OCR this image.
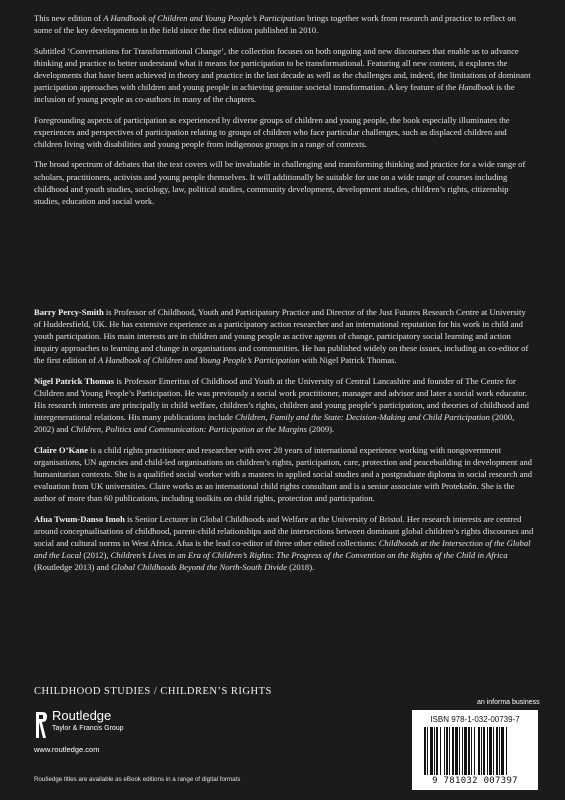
This new edition of A Handbook of Children and Young People’s Participation brings together work from research and practice to reflect on some of the key developments in the field since the first edition published in 2010.

Subtitled ‘Conversations for Transformational Change’, the collection focuses on both ongoing and new discourses that enable us to advance thinking and practice to better understand what it means for participation to be transformational. Featuring all new content, it explores the developments that have been achieved in theory and practice in the last decade as well as the challenges and, indeed, the limitations of dominant participation approaches with children and young people in achieving genuine societal transformation. A key feature of the Handbook is the inclusion of young people as co-authors in many of the chapters.

Foregrounding aspects of participation as experienced by diverse groups of children and young people, the book especially illuminates the experiences and perspectives of participation relating to groups of children who face particular challenges, such as displaced children and children living with disabilities and young people from indigenous groups in a range of contexts.

The broad spectrum of debates that the text covers will be invaluable in challenging and transforming thinking and practice for a wide range of scholars, practitioners, activists and young people themselves. It will additionally be suitable for use on a wide range of courses including childhood and youth studies, sociology, law, political studies, community development, development studies, children’s rights, citizenship studies, education and social work.

Barry Percy-Smith is Professor of Childhood, Youth and Participatory Practice and Director of the Just Futures Research Centre at University of Huddersfield, UK. He has extensive experience as a participatory action researcher and an international reputation for his work in child and youth participation. His main interests are in children and young people as active agents of change, participatory social learning and action inquiry approaches to learning and change in organisations and communities. He has published widely on these issues, including as co-editor of the first edition of A Handbook of Children and Young People’s Participation with Nigel Patrick Thomas.

Nigel Patrick Thomas is Professor Emeritus of Childhood and Youth at the University of Central Lancashire and founder of The Centre for Children and Young People’s Participation. He was previously a social work practitioner, manager and advisor and later a social work educator. His research interests are principally in child welfare, children’s rights, children and young people’s participation, and theories of childhood and intergenerational relations. His many publications include Children, Family and the State: Decision-Making and Child Participation (2000, 2002) and Children, Politics and Communication: Participation at the Margins (2009).

Claire O’Kane is a child rights practitioner and researcher with over 28 years of international experience working with nongovernment organisations, UN agencies and child-led organisations on children’s rights, participation, care, protection and peacebuilding in development and humanitarian contexts. She is a qualified social worker with a masters in applied social studies and a postgraduate diploma in social research and evaluation from UK universities. Claire works as an international child rights consultant and is a senior associate with Proteknôn. She is the author of more than 60 publications, including toolkits on child rights, protection and participation.

Afua Twum-Danso Imoh is Senior Lecturer in Global Childhoods and Welfare at the University of Bristol. Her research interests are centred around conceptualisations of childhood, parent-child relationships and the intersections between dominant global children’s rights discourses and social and cultural norms in West Africa. Afua is the lead co-editor of three other edited collections: Childhoods at the Intersection of the Global and the Local (2012), Children’s Lives in an Era of Children’s Rights: The Progress of the Convention on the Rights of the Child in Africa (Routledge 2013) and Global Childhoods Beyond the North-South Divide (2018).

CHILDHOOD STUDIES / CHILDREN’S RIGHTS
Routledge
Taylor & Francis Group
www.routledge.com
Routledge titles are available as eBook editions in a range of digital formats
an informa business
ISBN 978-1-032-00739-7
9 781032 007397
